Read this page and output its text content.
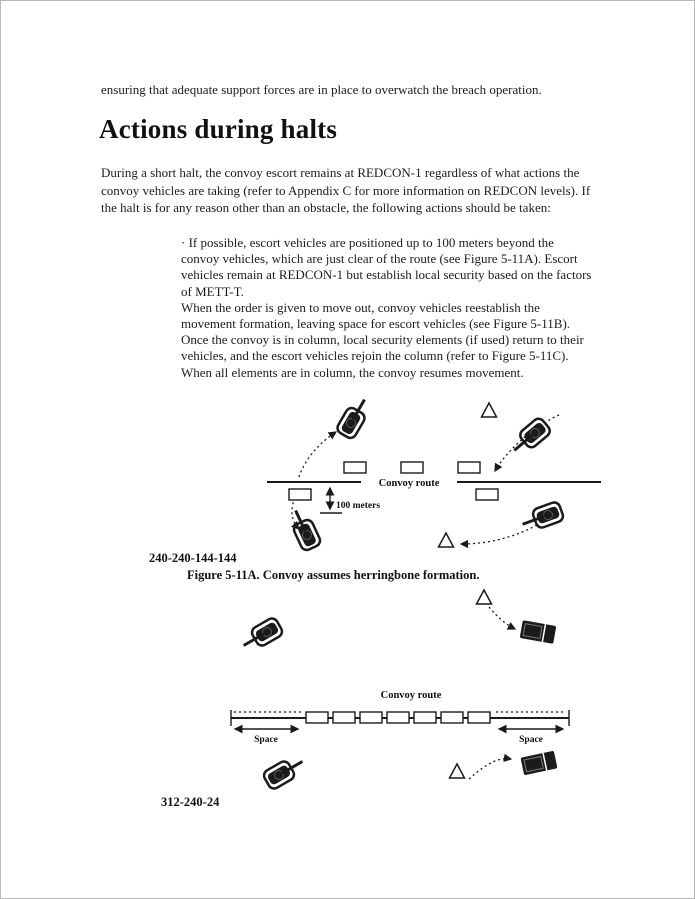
ensuring that adequate support forces are in place to overwatch the breach operation.

Actions during halts

During a short halt, the convoy escort remains at REDCON-1 regardless of what actions the convoy vehicles are taking (refer to Appendix C for more information on REDCON levels). If the halt is for any reason other than an obstacle, the following actions should be taken:

· If possible, escort vehicles are positioned up to 100 meters beyond the convoy vehicles, which are just clear of the route (see Figure 5-11A). Escort vehicles remain at REDCON-1 but establish local security based on the factors of METT-T.

When the order is given to move out, convoy vehicles reestablish the movement formation, leaving space for escort vehicles (see Figure 5-11B). Once the convoy is in column, local security elements (if used) return to their vehicles, and the escort vehicles rejoin the column (refer to Figure 5-11C).

When all elements are in column, the convoy resumes movement.

Convoy route
100 meters
240-240-144-144
Figure 5-11A. Convoy assumes herringbone formation.
Convoy route
Space	Space
312-240-24
